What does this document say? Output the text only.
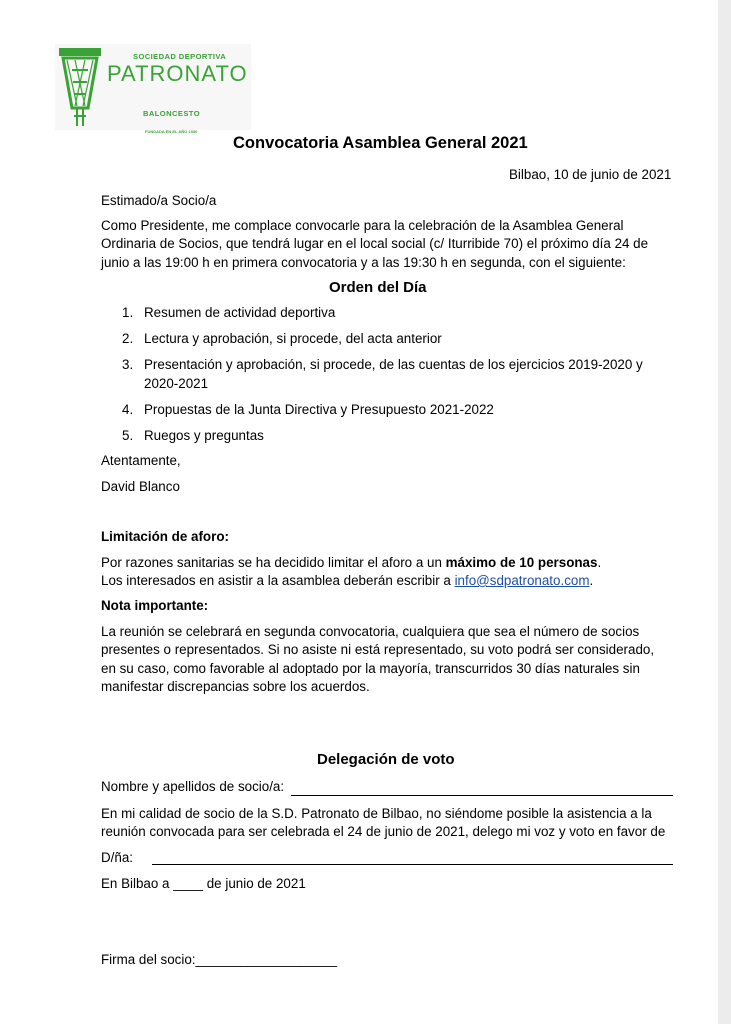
SOCIEDAD DEPORTIVA
PATRONATO
BALONCESTO
FUNDADA EN EL AÑO 1930
Convocatoria Asamblea General 2021
Bilbao, 10 de junio de 2021
Estimado/a Socio/a
Como Presidente, me complace convocarle para la celebración de la Asamblea General
Ordinaria de Socios, que tendrá lugar en el local social (c/ Iturribide 70) el próximo día 24 de
junio a las 19:00 h en primera convocatoria y a las 19:30 h en segunda, con el siguiente:
Orden del Día
1. Resumen de actividad deportiva
2. Lectura y aprobación, si procede, del acta anterior
3. Presentación y aprobación, si procede, de las cuentas de los ejercicios 2019-2020 y 2020-2021
4. Propuestas de la Junta Directiva y Presupuesto 2021-2022
5. Ruegos y preguntas
Atentamente,
David Blanco
Limitación de aforo:
Por razones sanitarias se ha decidido limitar el aforo a un máximo de 10 personas.
Los interesados en asistir a la asamblea deberán escribir a info@sdpatronato.com.
Nota importante:
La reunión se celebrará en segunda convocatoria, cualquiera que sea el número de socios
presentes o representados. Si no asiste ni está representado, su voto podrá ser considerado,
en su caso, como favorable al adoptado por la mayoría, transcurridos 30 días naturales sin
manifestar discrepancias sobre los acuerdos.
Delegación de voto
Nombre y apellidos de socio/a:
En mi calidad de socio de la S.D. Patronato de Bilbao, no siéndome posible la asistencia a la
reunión convocada para ser celebrada el 24 de junio de 2021, delego mi voz y voto en favor de
D/ña:
En Bilbao a ____ de junio de 2021
Firma del socio:___________________
